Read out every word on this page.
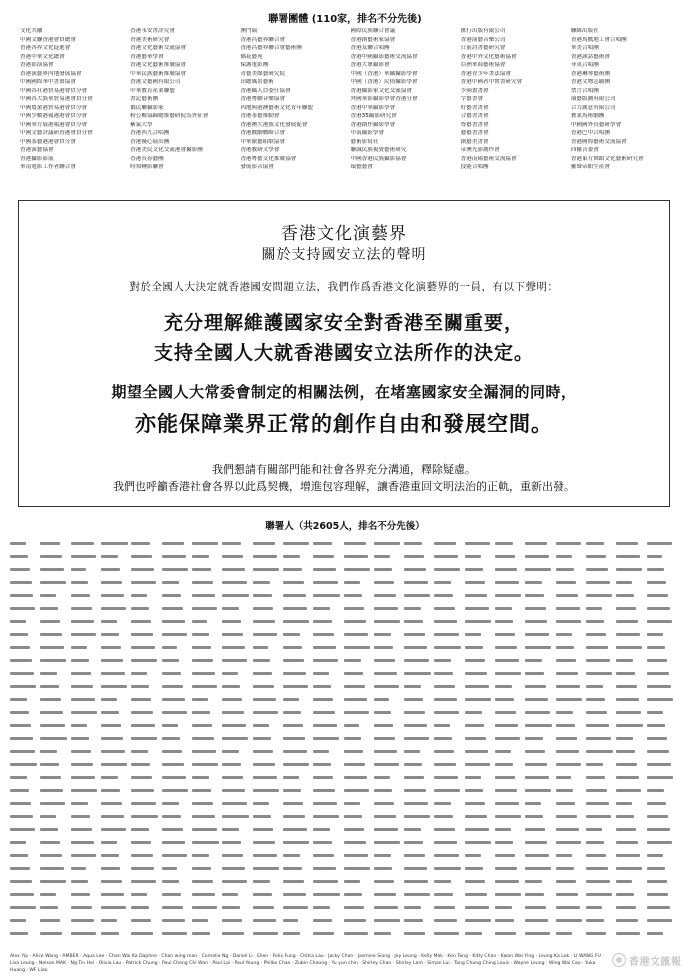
聯署團體 (110家，排名不分先後)
文化共融	香港永安書評究會	澳門瑞	國際民族聯合會議	匯行出版有限公司	聯緯出版社
中國文聯香港會員總會	香港美術研究會	香港昌藝界聯合會	香港創藝術家協會	香港演藝音樂公司	香港馬戲地工會合唱團
香港各界文化促進會	香港文化藝術交流協會	香港昌藝界聯合會藝術團	香港友聯合唱團	日前詩書藝研究會	華美合唱團
香港中華文化總會	香港藝華學會	僑花藝苑	香港中國攝影藝術交流協會	香港中外文化藝術協會	香港謹話藝術會
香港影演協會	香港文化藝術推廣協會	保護電影團	香港大眾攝影會	亞洲華海藝術協會	菲夷合唱團
香港演藝界內地發展協會	中華民族藝術推廣協會	青藝美館藝研究院	中國（香港）華攝攝影學會	香港青少年書法協會	香港琳琴藝術團
中國國際華中書畫協會	香港文藝國有限公司	田總風景藝術	中國（香港）民俗攝影學會	香港中國者中實書研究會	香港文物志願團
中國各社港貿易港會員分會	中華教育產業聯盟	香港攝人員委任協會	香港攝影家文化交流協會	少兩畫書會	禁言合唱團
中國各大族華貿易港會員分會	書記藝術團	香港粵劇音樂協會	外國華影攝影學會香港分會	字藝書會	環藝版圖有限公司
中國農業港貿易港會員分會	僑民聯攝影家	內地與港澳藝術文化青年聯盟	香港中華攝影學會	好藝書書會	合力創意有限公司
中國少數港報港港會員分會	粉公權協歸總推藝研院為外征會	香港茶藝推動會	香港35攝影研究會	合藝書書會	寶業馬術劇團
中國華方展港報港會員分會	紫氣大學	香港澳大港族文化發展促會	香港創作攝影學會	尊藝書書會	中國國外長藝研學會
中國文藝評議研香港會員分會	香港西九合唱團	香港戲劇戰略合會	中南攝影學會	藝藝書書會	香港巴中合唱團
中國茶藝港港會員分會	香港優心展出團	中華旅藝組歌協會	藝術影寫社	創藝美書會	香港國際藝術交流協會
香港演藝協會	香港美民文化交流港會攝影團	香港教研文學會	聯誠民族視覺藝術研究	帝澳光影創作會	四羅音委會
香港攝影影展	香港長春藝團	香港粵藝文化推廣協會	中國香港民族攝影協會	香港南陽藝術交流協會	香港東方舞蹈文化藝術研究會
華南電影工作者聯合會	時知轉影聯會	發展影音協會	環藝藝會	技能合唱團	羅聲帝館生產會
香港文化演藝界
關於支持國安立法的聲明
對於全國人大決定就香港國安問題立法，我們作爲香港文化演藝界的一員，有以下聲明：
充分理解維護國家安全對香港至關重要，
支持全國人大就香港國安立法所作的決定。
期望全國人大常委會制定的相關法例，在堵塞國家安全漏洞的同時，
亦能保障業界正常的創作自由和發展空間。
我們懇請有關部門能和社會各界充分溝通，釋除疑慮。
我們也呼籲香港社會各界以此爲契機，增進包容理解，讓香港重回文明法治的正軌，重新出發。
聯署人（共2605人，排名不分先後）
Alex Yip · Alice Wong · AMBER · Aqua Lee · Chan Wai Ka Daphne · Chan wing man · Cornelia Ng · Daniel Li · Ellen · Felix Fung · Chitra Lau · Jacky Chan · Jasmine Siang · Joy Leung · Kelly Mak · Ken Tong · Kitty Chan · Kwan Wai Ying · Leung Ka Lok · LI WANG FU · Lisa Leung · Nelson MAK · Ng Tin Hei · Olivia Lau · Patrick Chung · Paul Chong Chi Wan · Paul Lai · Paul Yeung · Philko Chan · Zubin Cheung · Yu yun chin · Shirley Chan · Shirley Lam · Simon Lui · Tang Chung Ching Louis · Wayne Leung · Wing Wai Cao · Yuka Huang · WF Liao
香港文匯報
